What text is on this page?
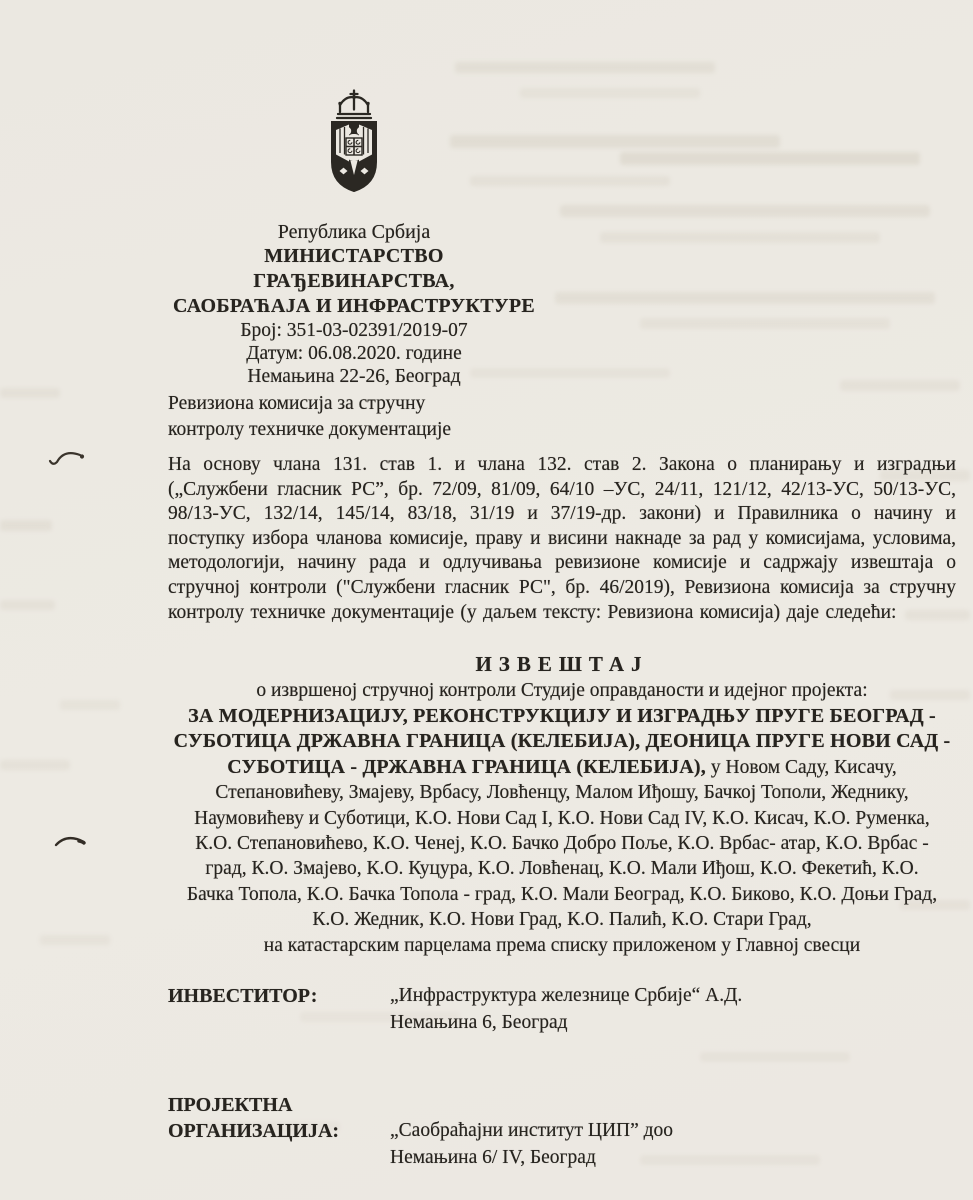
Република Србија
МИНИСТАРСТВО ГРАЂЕВИНАРСТВА,
САОБРАЋАЈА И ИНФРАСТРУКТУРЕ
Број: 351-03-02391/2019-07
Датум: 06.08.2020. године
Немањина 22-26, Београд
Ревизиона комисија за стручну
контролу техничке документације
На основу члана 131. став 1. и члана 132. став 2. Закона о планирању и изградњи („Службени гласник РС”, бр. 72/09, 81/09, 64/10 –УС, 24/11, 121/12, 42/13-УС, 50/13-УС, 98/13-УС, 132/14, 145/14, 83/18, 31/19 и 37/19-др. закони) и Правилника о начину и поступку избора чланова комисије, праву и висини накнаде за рад у комисијама, условима, методологији, начину рада и одлучивања ревизионе комисије и садржају извештаја о стручној контроли ("Службени гласник РС", бр. 46/2019), Ревизиона комисија за стручну контролу техничке документације (у даљем тексту: Ревизиона комисија) даје следећи:
ИЗВЕШТАЈ
о извршеној стручној контроли Студије оправданости и идејног пројекта:
ЗА МОДЕРНИЗАЦИЈУ, РЕКОНСТРУКЦИЈУ И ИЗГРАДЊУ ПРУГЕ БЕОГРАД -
СУБОТИЦА ДРЖАВНА ГРАНИЦА (КЕЛЕБИЈА), ДЕОНИЦА ПРУГЕ НОВИ САД -
СУБОТИЦА - ДРЖАВНА ГРАНИЦА (КЕЛЕБИЈА), у Новом Саду, Кисачу,
Степановићеву, Змајеву, Врбасу, Ловћенцу, Малом Иђошу, Бачкој Тополи, Жеднику,
Наумовићеву и Суботици, К.О. Нови Сад I, К.О. Нови Сад IV, К.О. Кисач, К.О. Руменка,
К.О. Степановићево, К.О. Ченеј, К.О. Бачко Добро Поље, К.О. Врбас- атар, К.О. Врбас -
град, К.О. Змајево, К.О. Куцура, К.О. Ловћенац, К.О. Мали Иђош, К.О. Фекетић, К.О.
Бачка Топола, К.О. Бачка Топола - град, К.О. Мали Београд, К.О. Биково, К.О. Доњи Град,
К.О. Жедник, К.О. Нови Град, К.О. Палић, К.О. Стари Град,
на катастарским парцелама према списку приложеном у Главној свесци
ИНВЕСТИТОР:	„Инфраструктура железнице Србије“ А.Д.
Немањина 6, Београд
ПРОЈЕКТНА
ОРГАНИЗАЦИЈА:	„Саобраћајни институт ЦИП” доо
Немањина 6/ IV, Београд
